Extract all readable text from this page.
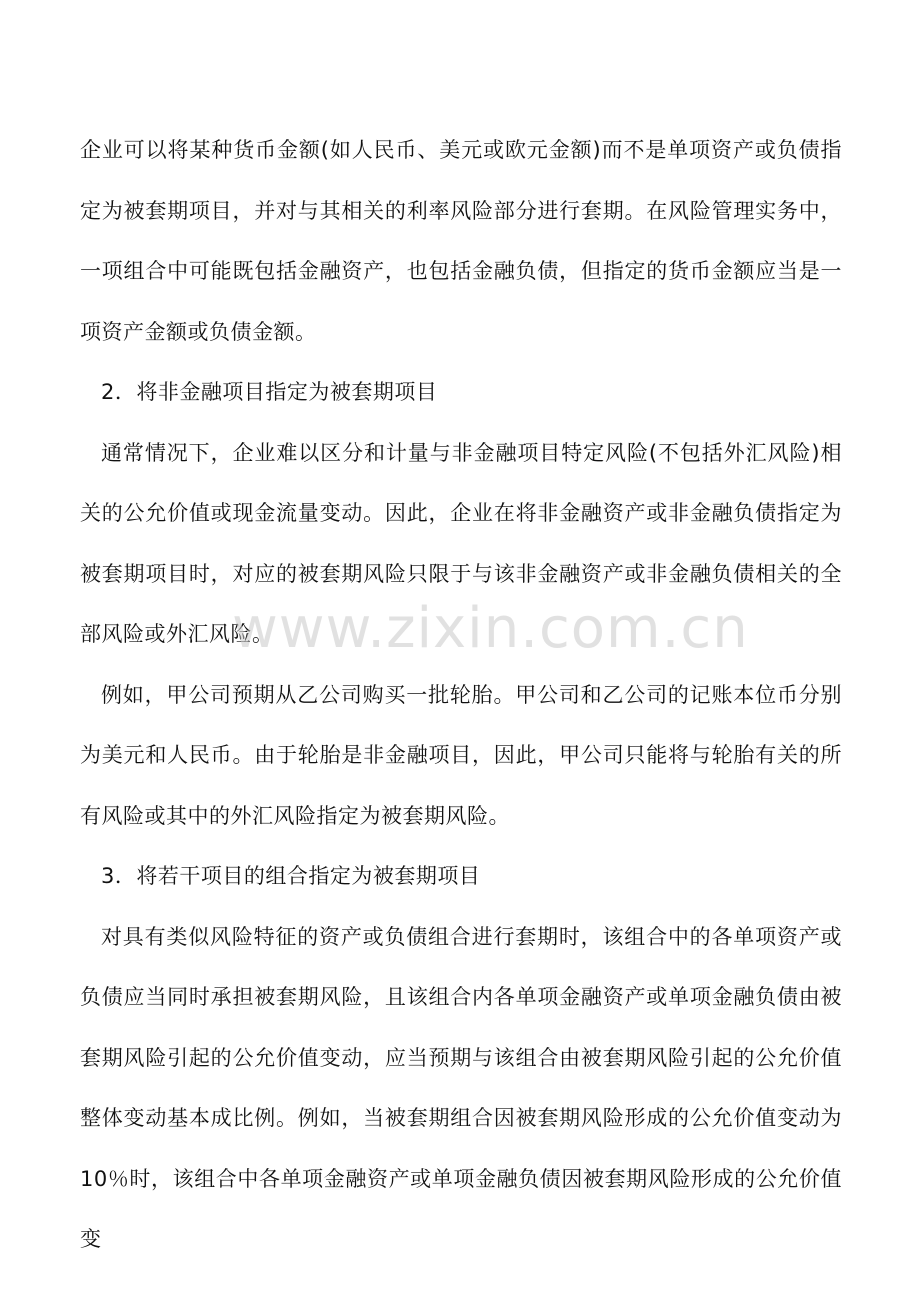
企业可以将某种货币金额(如人民币、美元或欧元金额)而不是单项资产或负债指定为被套期项目，并对与其相关的利率风险部分进行套期。在风险管理实务中，一项组合中可能既包括金融资产，也包括金融负债，但指定的货币金额应当是一项资产金额或负债金额。

2．将非金融项目指定为被套期项目

通常情况下，企业难以区分和计量与非金融项目特定风险(不包括外汇风险)相关的公允价值或现金流量变动。因此，企业在将非金融资产或非金融负债指定为被套期项目时，对应的被套期风险只限于与该非金融资产或非金融负债相关的全部风险或外汇风险。

例如，甲公司预期从乙公司购买一批轮胎。甲公司和乙公司的记账本位币分别为美元和人民币。由于轮胎是非金融项目，因此，甲公司只能将与轮胎有关的所有风险或其中的外汇风险指定为被套期风险。

3．将若干项目的组合指定为被套期项目

对具有类似风险特征的资产或负债组合进行套期时，该组合中的各单项资产或负债应当同时承担被套期风险，且该组合内各单项金融资产或单项金融负债由被套期风险引起的公允价值变动，应当预期与该组合由被套期风险引起的公允价值整体变动基本成比例。例如，当被套期组合因被套期风险形成的公允价值变动为10％时，该组合中各单项金融资产或单项金融负债因被套期风险形成的公允价值变

www.zixin.com.cn
